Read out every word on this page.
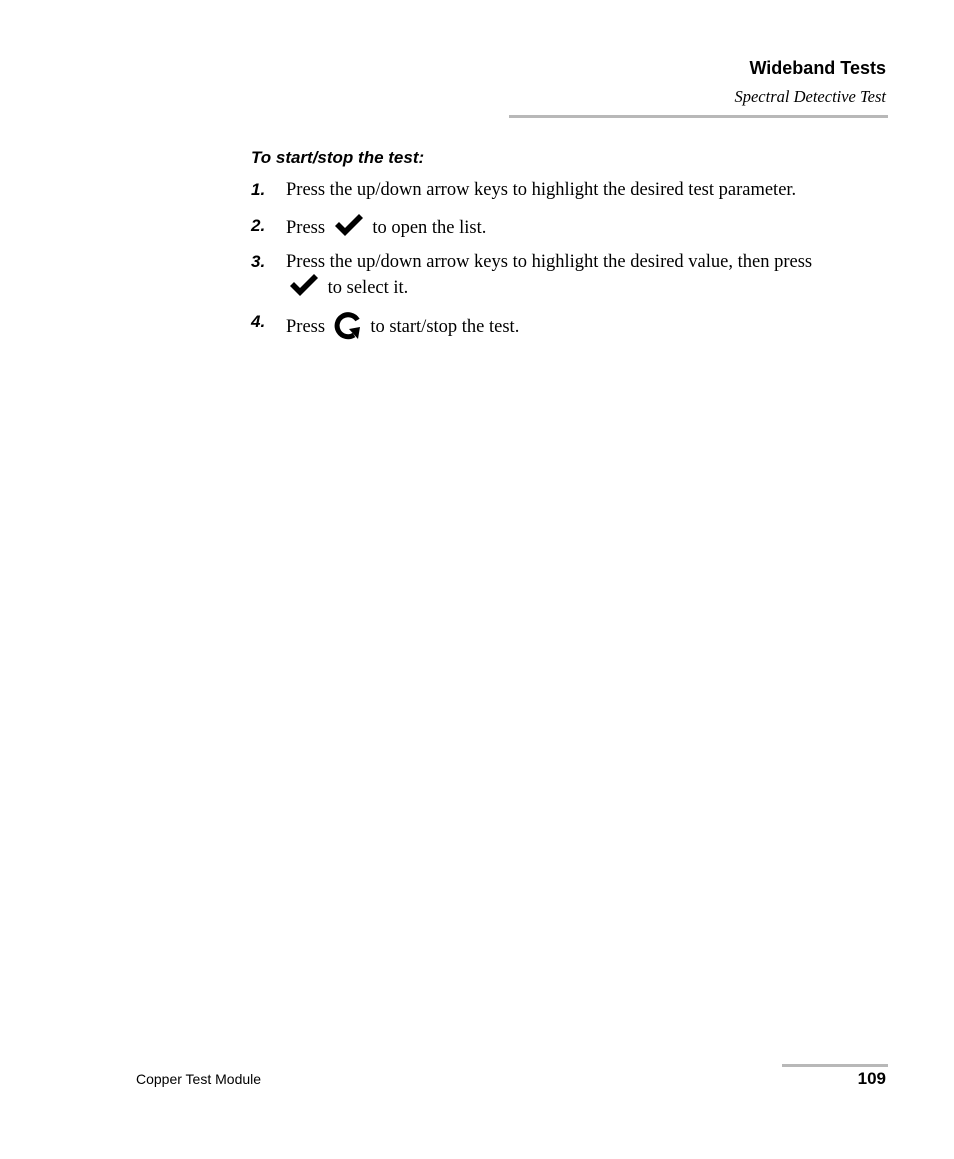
Wideband Tests
Spectral Detective Test
To start/stop the test:
1. Press the up/down arrow keys to highlight the desired test parameter.
2. Press	to open the list.
3. Press the up/down arrow keys to highlight the desired value, then press
to select it.
4. Press to start/stop the test.
Copper Test Module	109
